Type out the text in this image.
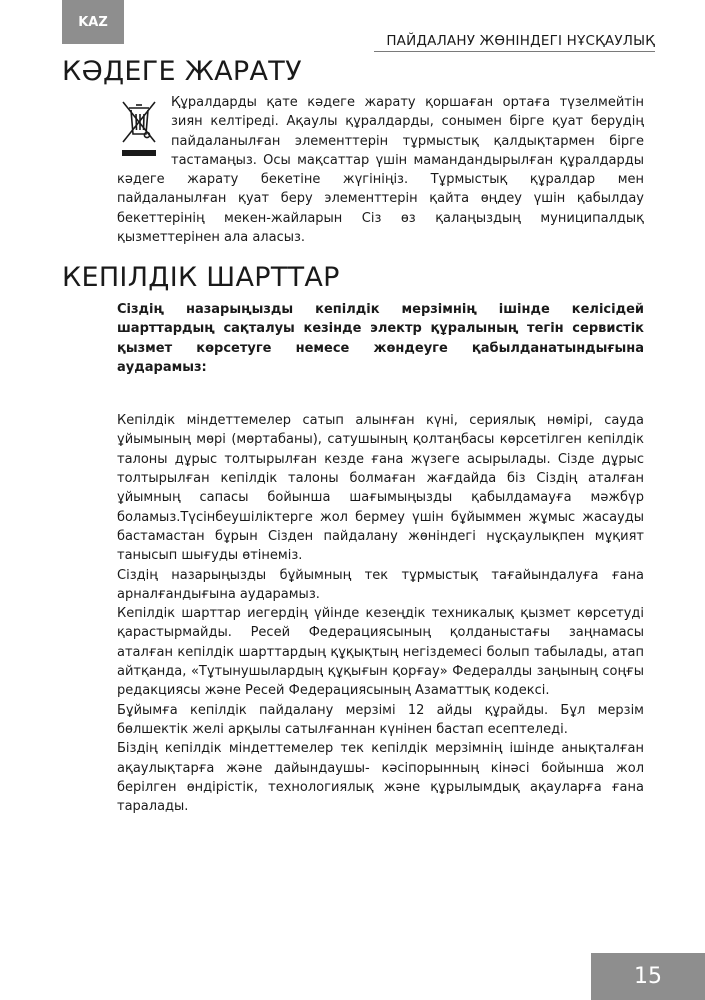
KAZ
ПАЙДАЛАНУ ЖӨНІНДЕГІ НҰСҚАУЛЫҚ
КӘДЕГЕ ЖАРАТУ

Құралдарды қате кәдеге жарату қоршаған ортаға түзелмейтін зиян келтіреді. Ақаулы құралдарды, сонымен бірге қуат берудің пайдаланылған элементтерін тұрмыстық қалдықтармен бірге тастамаңыз. Осы мақсаттар үшін мамандандырылған құралдарды кәдеге жарату бекетіне жүгініңіз. Тұрмыстық құралдар мен пайдаланылған қуат беру элементтерін қайта өңдеу үшін қабылдау бекеттерінің мекен-жайларын Сіз өз қалаңыздың муниципалдық қызметтерінен ала аласыз.

КЕПІЛДІК ШАРТТАР

Сіздің назарыңызды кепілдік мерзімнің ішінде келісідей шарттардың сақталуы кезінде электр құралының тегін сервистік қызмет көрсетуге немесе жөндеуге қабылданатындығына аударамыз:

Кепілдік міндеттемелер сатып алынған күні, сериялық нөмірі, сауда ұйымының мөрі (мөртабаны), сатушының қолтаңбасы көрсетілген кепілдік талоны дұрыс толтырылған кезде ғана жүзеге асырылады. Сізде дұрыс толтырылған кепілдік талоны болмаған жағдайда біз Сіздің аталған ұйымның сапасы бойынша шағымыңызды қабылдамауға мәжбүр боламыз.Түсінбеушіліктерге жол бермеу үшін бұйыммен жұмыс жасауды бастамастан бұрын Сізден пайдалану жөніндегі нұсқаулықпен мұқият танысып шығуды өтінеміз.

Сіздің назарыңызды бұйымның тек тұрмыстық тағайындалуға ғана арналғандығына аударамыз.

Кепілдік шарттар иегердің үйінде кезеңдік техникалық қызмет көрсетуді қарастырмайды. Ресей Федерациясының қолданыстағы заңнамасы аталған кепілдік шарттардың құқықтың негіздемесі болып табылады, атап айтқанда, «Тұтынушылардың құқығын қорғау» Федералды заңының соңғы редакциясы және Ресей Федерациясының Азаматтық кодексі.

Бұйымға кепілдік пайдалану мерзімі 12 айды құрайды. Бұл мерзім бөлшектік желі арқылы сатылғаннан күнінен бастап есептеледі.

Біздің кепілдік міндеттемелер тек кепілдік мерзімнің ішінде анықталған ақаулықтарға және дайындаушы- кәсіпорынның кінәсі бойынша жол берілген өндірістік, технологиялық және құрылымдық ақауларға ғана таралады.

15
